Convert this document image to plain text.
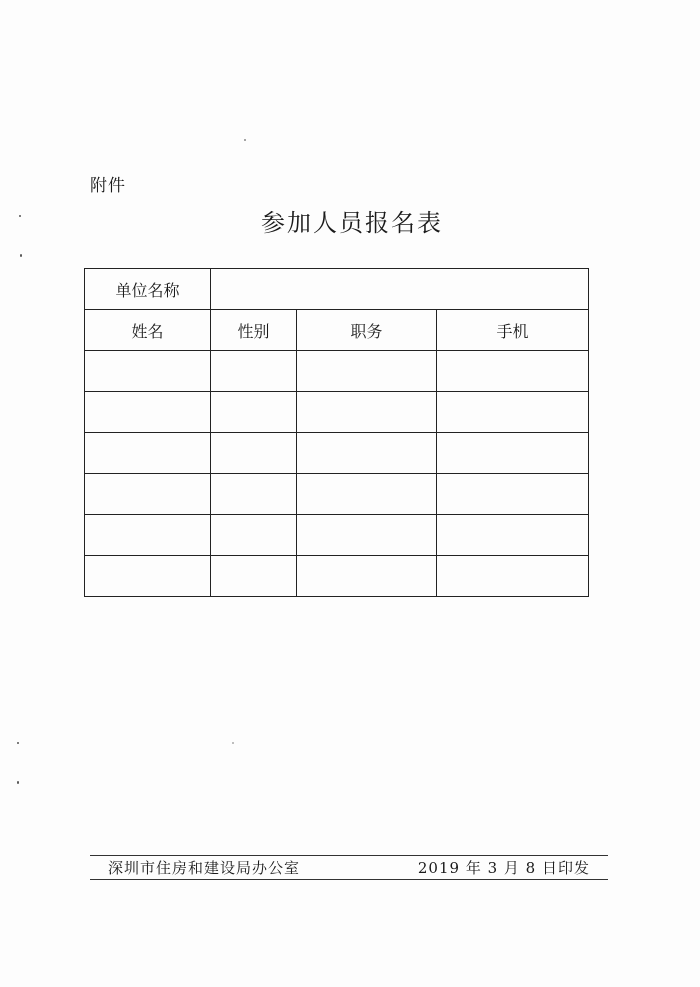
附件
参加人员报名表
单位名称			
姓名	性别	职务	手机

深圳市住房和建设局办公室	2019 年 3 月 8 日印发
